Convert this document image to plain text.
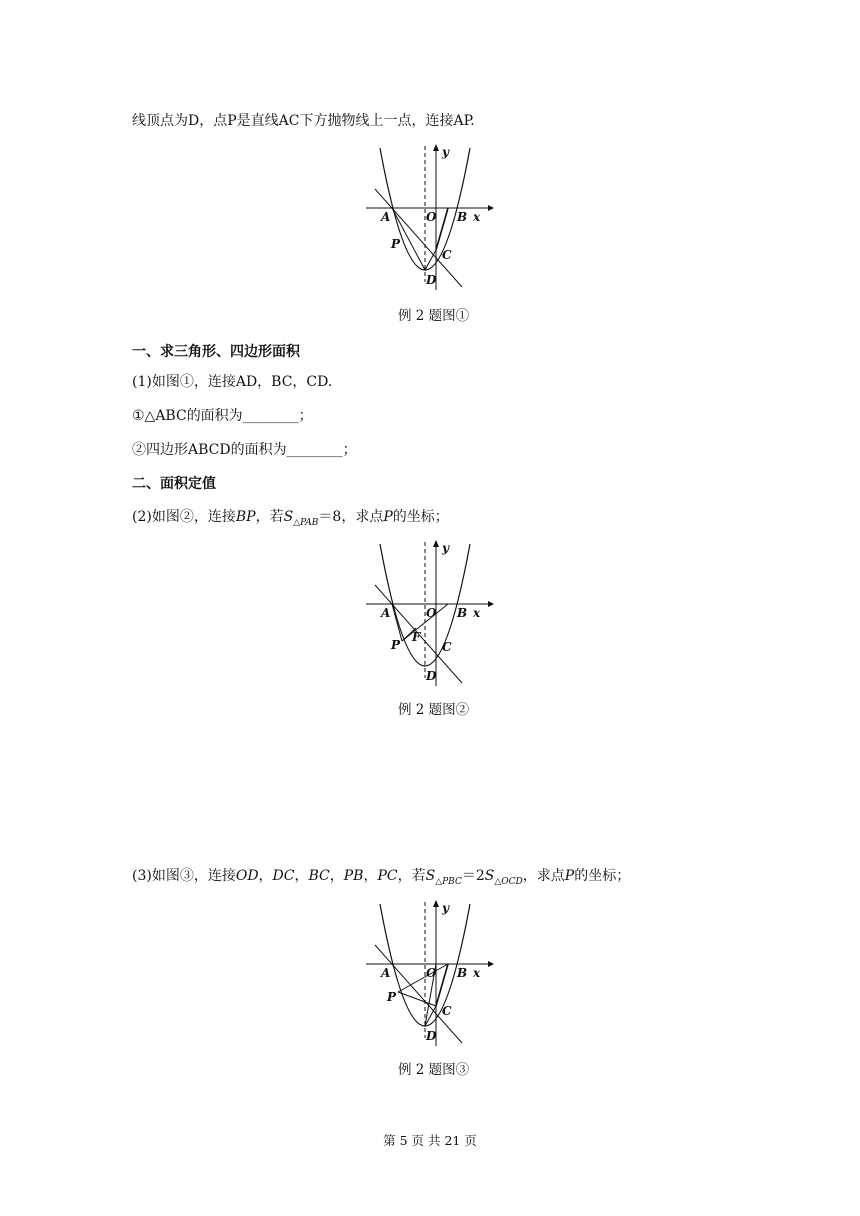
线顶点为D，点P是直线AC下方抛物线上一点，连接AP.
y
A	O B x
P
C
D
例 2 题图①
一、求三角形、四边形面积
(1)如图①，连接AD，BC，CD.
①△ABC的面积为________；
②四边形ABCD的面积为________；
二、面积定值
(2)如图②，连接BP，若$S_{\triangle PAB}=8$，求点P的坐标；
y
A	O B x
F
P	C
D
例 2 题图②
(3)如图③，连接OD，DC，BC，PB，PC，若$S_{\triangle PBC}=2S_{\triangle OCD}$，求点P的坐标；
y
A	O B x
P
C
D
例 2 题图③
第 5 页 共 21 页
